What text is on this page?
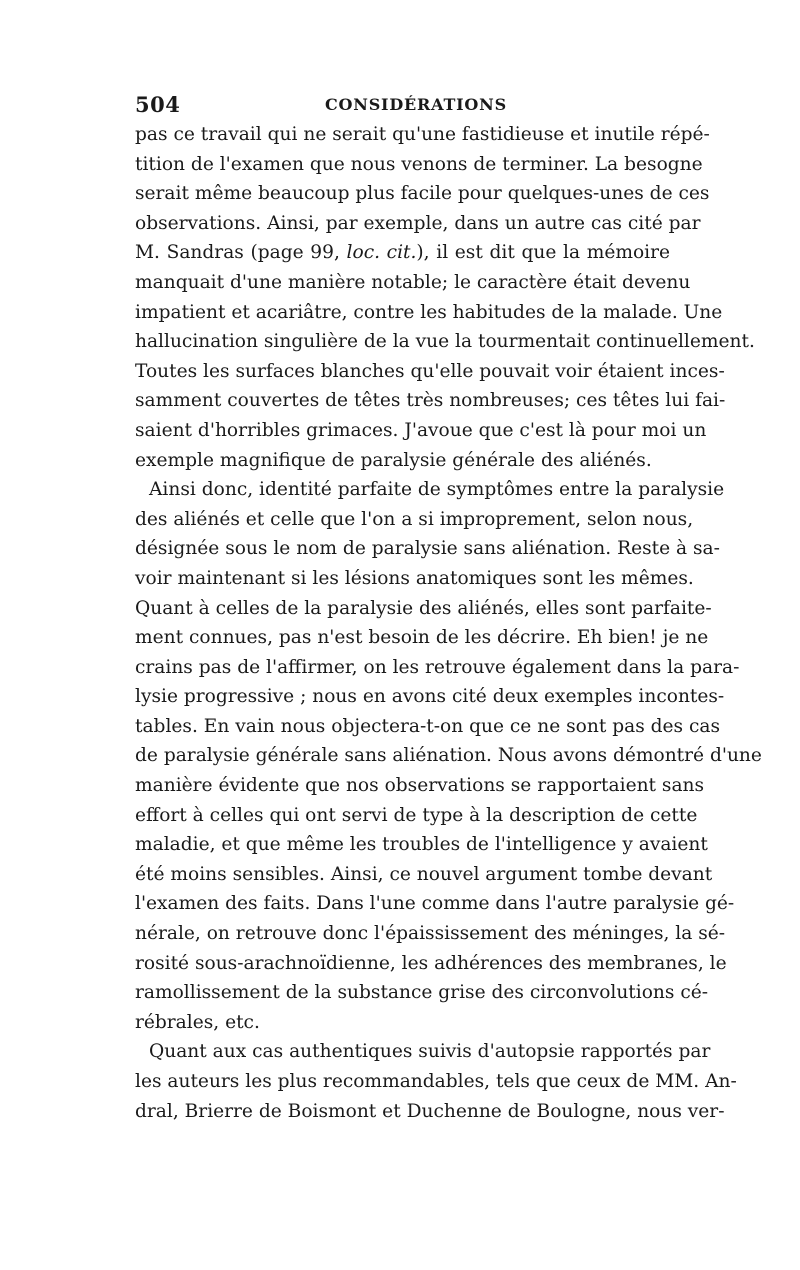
504	CONSIDÉRATIONS
pas ce travail qui ne serait qu'une fastidieuse et inutile répé-
tition de l'examen que nous venons de terminer. La besogne
serait même beaucoup plus facile pour quelques-unes de ces
observations. Ainsi, par exemple, dans un autre cas cité par
M. Sandras (page 99, loc. cit.), il est dit que la mémoire
manquait d'une manière notable; le caractère était devenu
impatient et acariâtre, contre les habitudes de la malade. Une
hallucination singulière de la vue la tourmentait continuellement.
Toutes les surfaces blanches qu'elle pouvait voir étaient inces-
samment couvertes de têtes très nombreuses; ces têtes lui fai-
saient d'horribles grimaces. J'avoue que c'est là pour moi un
exemple magnifique de paralysie générale des aliénés.
Ainsi donc, identité parfaite de symptômes entre la paralysie
des aliénés et celle que l'on a si improprement, selon nous,
désignée sous le nom de paralysie sans aliénation. Reste à sa-
voir maintenant si les lésions anatomiques sont les mêmes.
Quant à celles de la paralysie des aliénés, elles sont parfaite-
ment connues, pas n'est besoin de les décrire. Eh bien! je ne
crains pas de l'affirmer, on les retrouve également dans la para-
lysie progressive ; nous en avons cité deux exemples incontes-
tables. En vain nous objectera-t-on que ce ne sont pas des cas
de paralysie générale sans aliénation. Nous avons démontré d'une
manière évidente que nos observations se rapportaient sans
effort à celles qui ont servi de type à la description de cette
maladie, et que même les troubles de l'intelligence y avaient
été moins sensibles. Ainsi, ce nouvel argument tombe devant
l'examen des faits. Dans l'une comme dans l'autre paralysie gé-
nérale, on retrouve donc l'épaississement des méninges, la sé-
rosité sous-arachnoïdienne, les adhérences des membranes, le
ramollissement de la substance grise des circonvolutions cé-
rébrales, etc.
Quant aux cas authentiques suivis d'autopsie rapportés par
les auteurs les plus recommandables, tels que ceux de MM. An-
dral, Brierre de Boismont et Duchenne de Boulogne, nous ver-
